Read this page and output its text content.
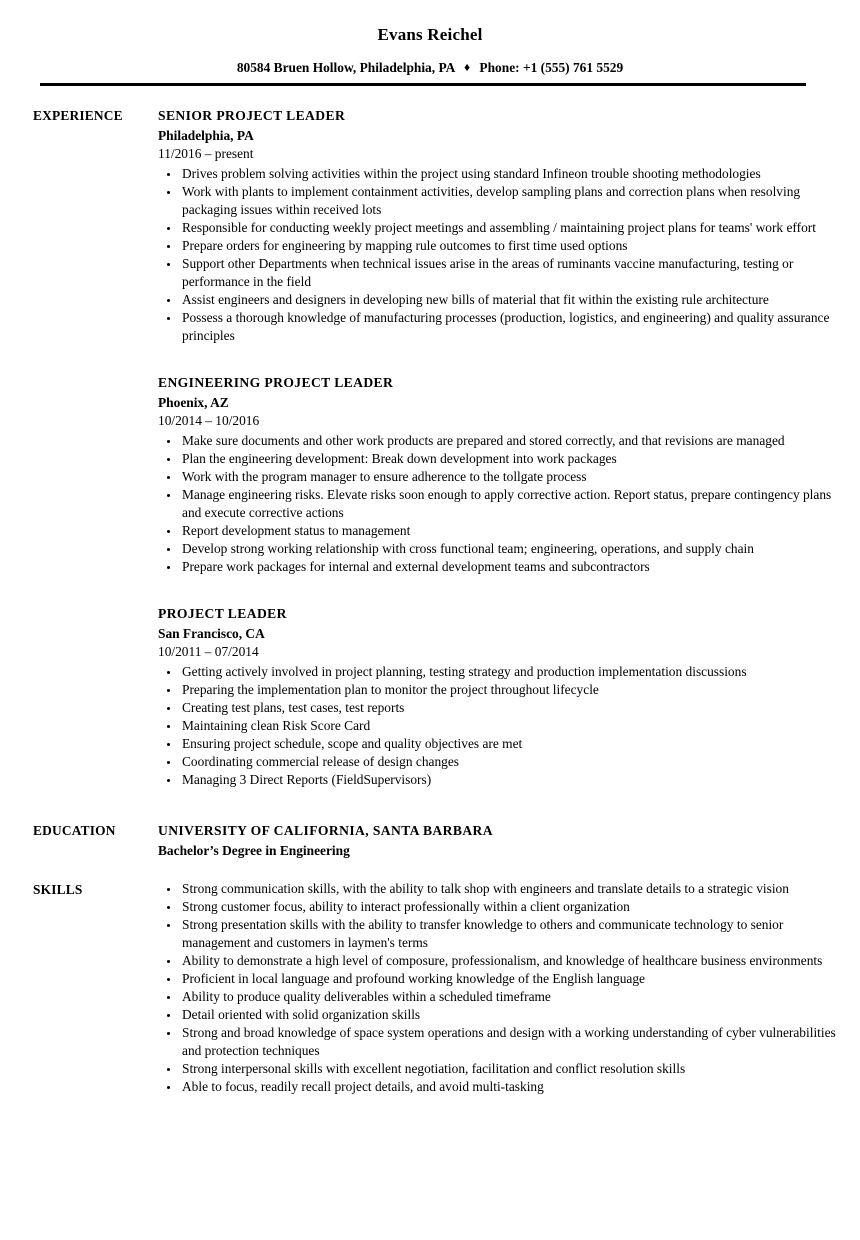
Evans Reichel
80584 Bruen Hollow, Philadelphia, PA ♦ Phone: +1 (555) 761 5529
EXPERIENCE	SENIOR PROJECT LEADER
Philadelphia, PA
11/2016 – present
• Drives problem solving activities within the project using standard Infineon trouble shooting methodologies
• Work with plants to implement containment activities, develop sampling plans and correction plans when resolving packaging issues within received lots
• Responsible for conducting weekly project meetings and assembling / maintaining project plans for teams' work effort
• Prepare orders for engineering by mapping rule outcomes to first time used options
• Support other Departments when technical issues arise in the areas of ruminants vaccine manufacturing, testing or performance in the field
• Assist engineers and designers in developing new bills of material that fit within the existing rule architecture
• Possess a thorough knowledge of manufacturing processes (production, logistics, and engineering) and quality assurance principles
ENGINEERING PROJECT LEADER
Phoenix, AZ
10/2014 – 10/2016
• Make sure documents and other work products are prepared and stored correctly, and that revisions are managed
• Plan the engineering development: Break down development into work packages
• Work with the program manager to ensure adherence to the tollgate process
• Manage engineering risks. Elevate risks soon enough to apply corrective action. Report status, prepare contingency plans and execute corrective actions
• Report development status to management
• Develop strong working relationship with cross functional team; engineering, operations, and supply chain
• Prepare work packages for internal and external development teams and subcontractors
PROJECT LEADER
San Francisco, CA
10/2011 – 07/2014
• Getting actively involved in project planning, testing strategy and production implementation discussions
• Preparing the implementation plan to monitor the project throughout lifecycle
• Creating test plans, test cases, test reports
• Maintaining clean Risk Score Card
• Ensuring project schedule, scope and quality objectives are met
• Coordinating commercial release of design changes
• Managing 3 Direct Reports (FieldSupervisors)
EDUCATION	UNIVERSITY OF CALIFORNIA, SANTA BARBARA
Bachelor’s Degree in Engineering
SKILLS	• Strong communication skills, with the ability to talk shop with engineers and translate details to a strategic vision
• Strong customer focus, ability to interact professionally within a client organization
• Strong presentation skills with the ability to transfer knowledge to others and communicate technology to senior management and customers in laymen's terms
• Ability to demonstrate a high level of composure, professionalism, and knowledge of healthcare business environments
• Proficient in local language and profound working knowledge of the English language
• Ability to produce quality deliverables within a scheduled timeframe
• Detail oriented with solid organization skills
• Strong and broad knowledge of space system operations and design with a working understanding of cyber vulnerabilities and protection techniques
• Strong interpersonal skills with excellent negotiation, facilitation and conflict resolution skills
• Able to focus, readily recall project details, and avoid multi-tasking
